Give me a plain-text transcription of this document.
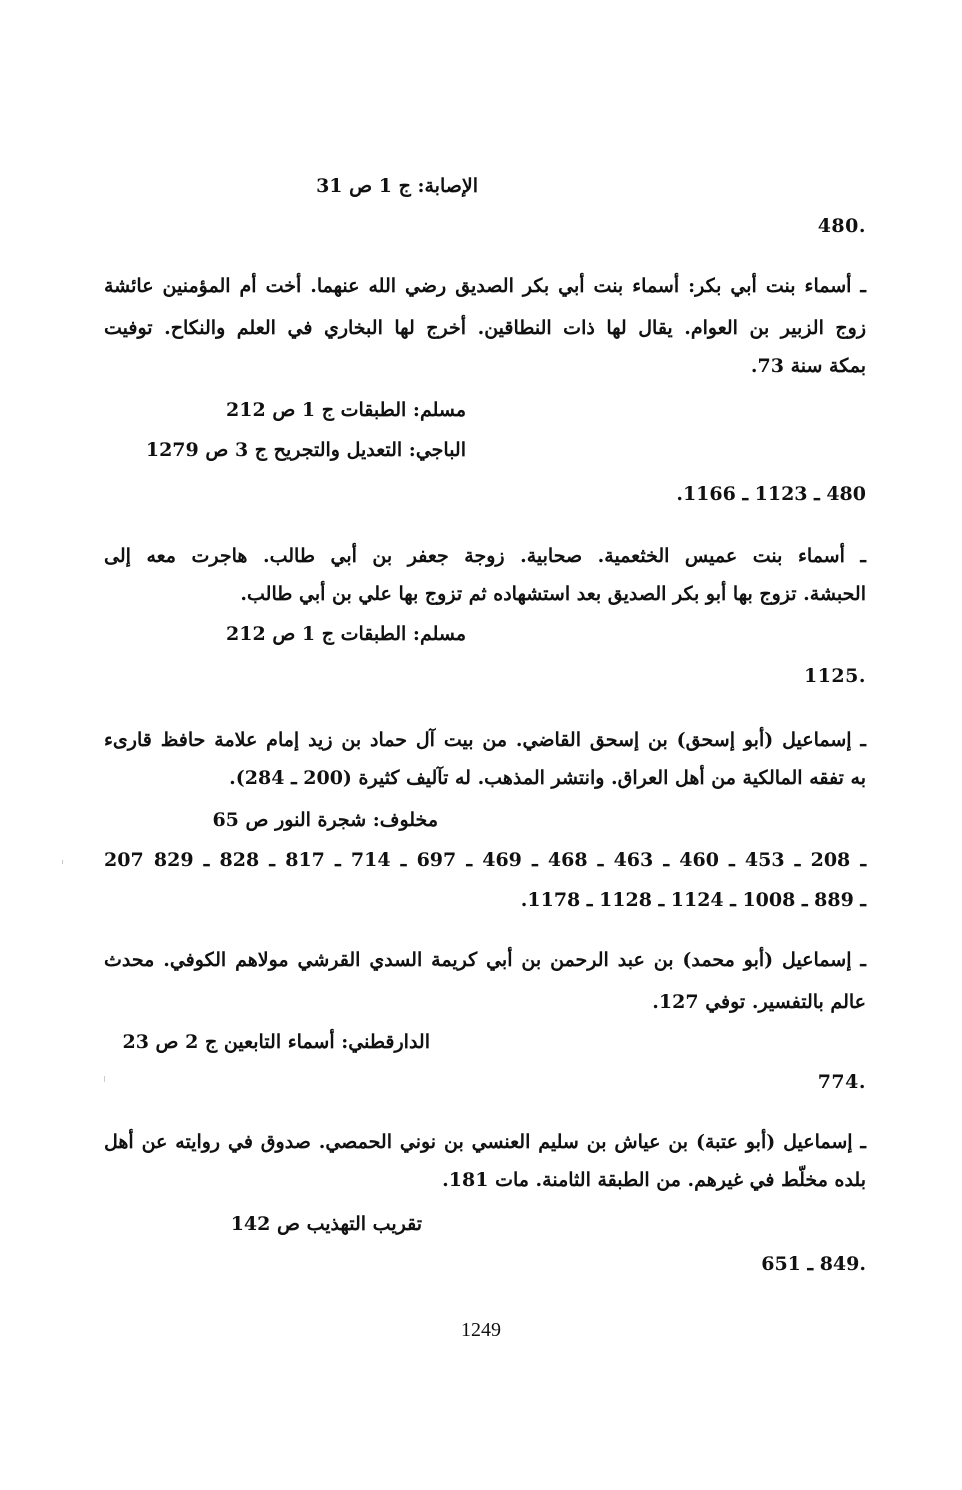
الإصابة: ج 1 ص 31
.480
ـ أسماء بنت أبي بكر: أسماء بنت أبي بكر الصديق رضي الله عنهما. أخت أم المؤمنين عائشة
زوج الزبير بن العوام. يقال لها ذات النطاقين. أخرج لها البخاري في العلم والنكاح. توفيت
بمكة سنة 73.
مسلم: الطبقات ج 1 ص 212
الباجي: التعديل والتجريح ج 3 ص 1279
480 ـ 1123 ـ 1166.
ـ أسماء بنت عميس الخثعمية. صحابية. زوجة جعفر بن أبي طالب. هاجرت معه إلى
الحبشة. تزوج بها أبو بكر الصديق بعد استشهاده ثم تزوج بها علي بن أبي طالب.
مسلم: الطبقات ج 1 ص 212
.1125
ـ إسماعيل (أبو إسحق) بن إسحق القاضي. من بيت آل حماد بن زيد إمام علامة حافظ قارىء
به تفقه المالكية من أهل العراق. وانتشر المذهب. له تآليف كثيرة (200 ـ 284).
مخلوف: شجرة النور ص 65
207 ـ 208 ـ 453 ـ 460 ـ 463 ـ 468 ـ 469 ـ 697 ـ 714 ـ 817 ـ 828 ـ 829
ـ 889 ـ 1008 ـ 1124 ـ 1128 ـ 1178.
ـ إسماعيل (أبو محمد) بن عبد الرحمن بن أبي كريمة السدي القرشي مولاهم الكوفي. محدث
عالم بالتفسير. توفي 127.
الدارقطني: أسماء التابعين ج 2 ص 23
.774
ـ إسماعيل (أبو عتبة) بن عياش بن سليم العنسي بن نوني الحمصي. صدوق في روايته عن أهل
بلده مخلّط في غيرهم. من الطبقة الثامنة. مات 181.
تقريب التهذيب ص 142
.849 ـ 651
1249
